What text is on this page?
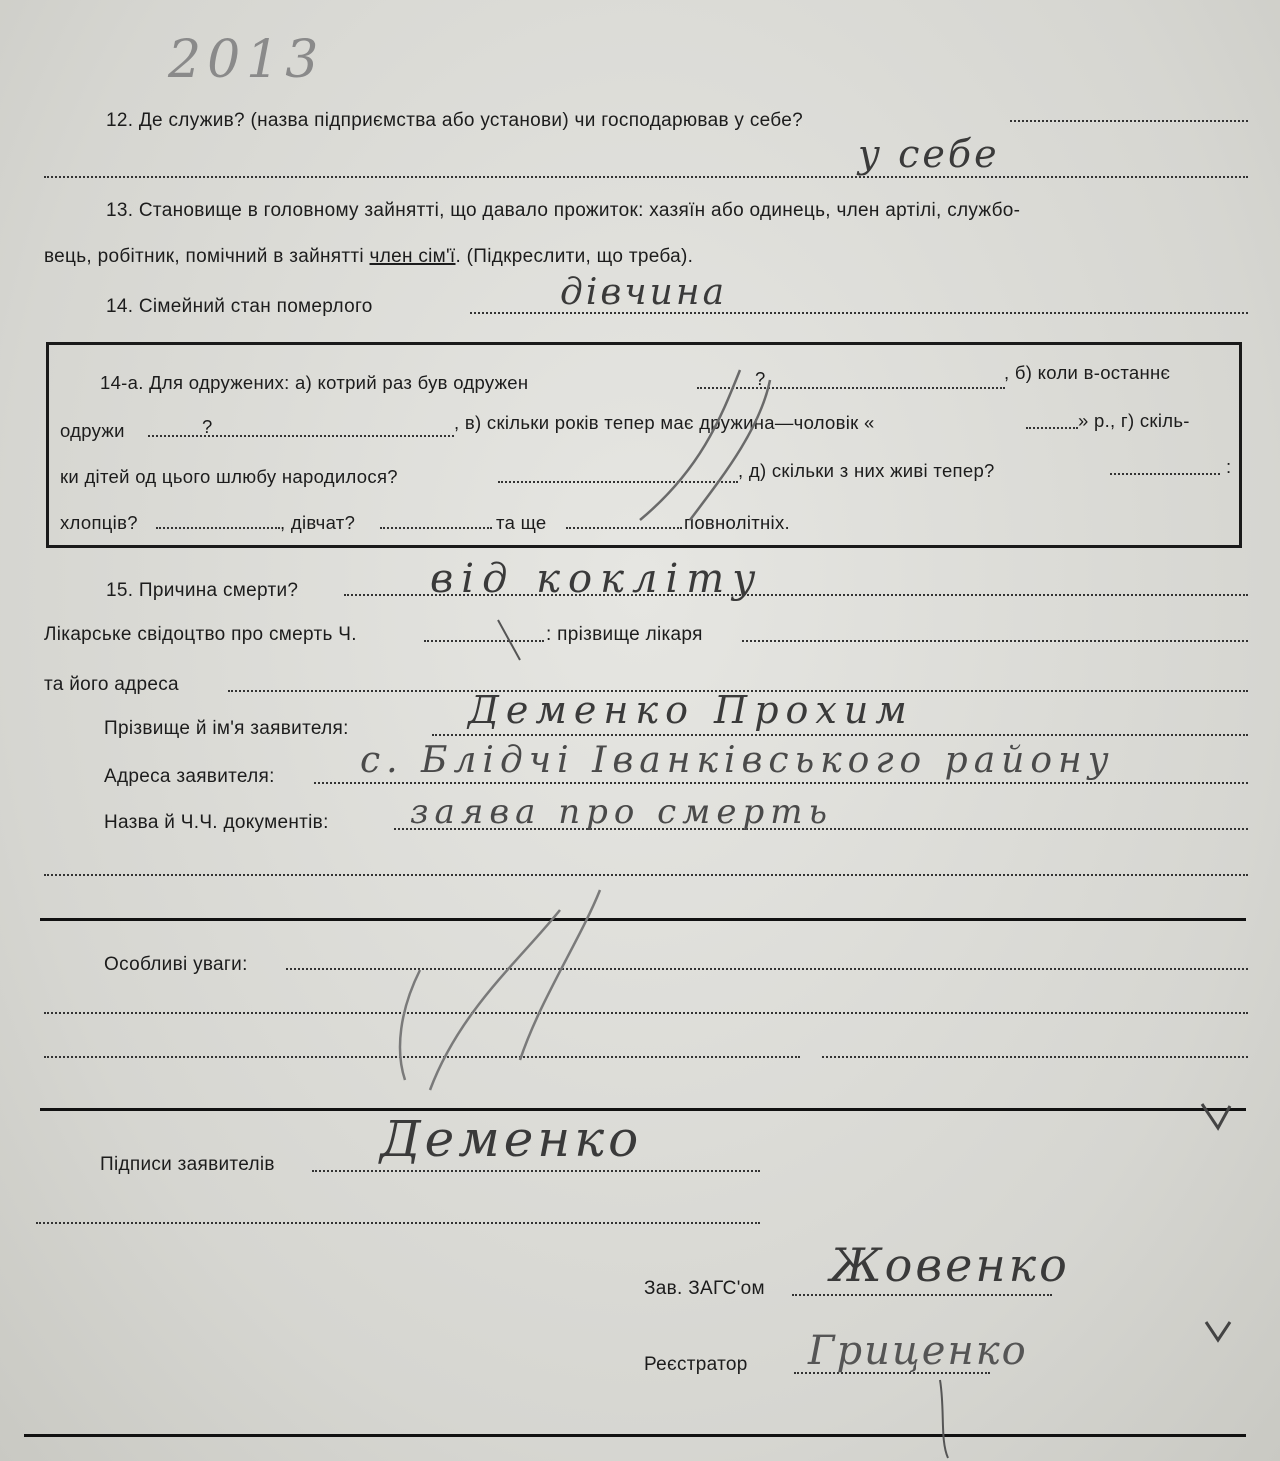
2013
12. Де служив? (назва підприємства або установи) чи господарював у себе?
у себе
13. Становище в головному зайнятті, що давало прожиток: хазяїн або одинець, член артілі, службо-
вець, робітник, помічний в зайнятті член сім'ї. (Підкреслити, що треба).
14. Сімейний стан померлого	дівчина
14-а. Для одружених: а) котрий раз був одружен	?	, б) коли в-останнє
одружи	?	, в) скільки років тепер має дружина—чоловік «	» р., г) скіль-
ки дітей од цього шлюбу народилося?	, д) скільки з них живі тепер?	:
хлопців?	, дівчат?	та ще	повнолітніх.
15. Причина смерти?	від кокліту
Лікарське свідоцтво про смерть Ч.	: прізвище лікаря
та його адреса
Прізвище й ім'я заявителя:	Деменко Прохим
Адреса заявителя: с. Блідчі Іванківського району
Назва й Ч.Ч. документів: заява про смерть
Особливі уваги:
Підписи заявителів Деменко
Зав. ЗАГС'ом Жовенко
Реєстратор Гриценко
